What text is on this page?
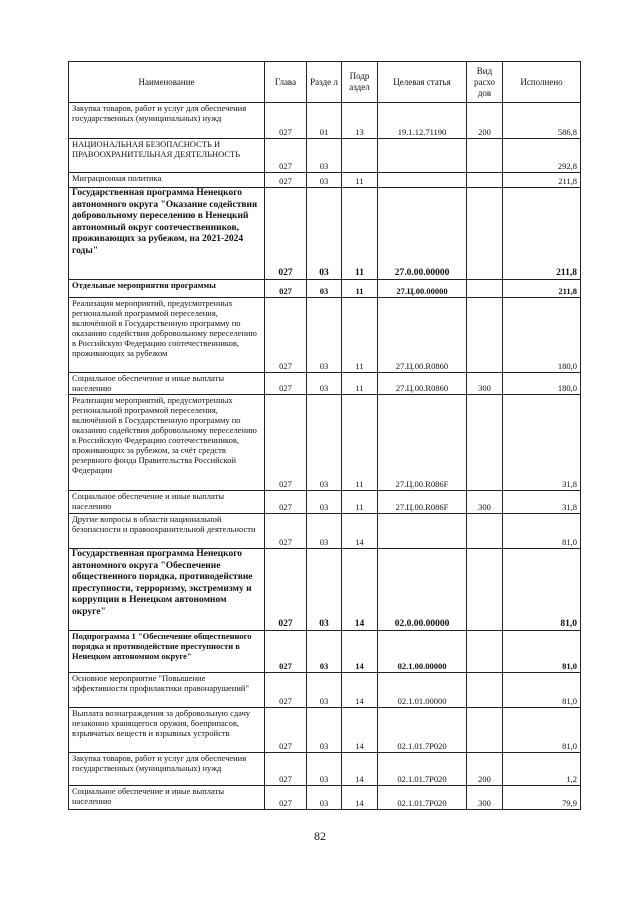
Наименование	Глава	Разде л	Подр аздел	Целевая статья	Вид расхо дов	Исполнено
Закупка товаров, работ и услуг для обеспечения государственных (муниципальных) нужд	027	01	13	19.1.12.71190	200	586,8
НАЦИОНАЛЬНАЯ БЕЗОПАСНОСТЬ И ПРАВООХРАНИТЕЛЬНАЯ ДЕЯТЕЛЬНОСТЬ	027	03				292,8
Миграционная политика	027	03	11			211,8
Государственная программа Ненецкого автономного округа "Оказание содействия добровольному переселению в Ненецкий автономный округ соотечественников, проживающих за рубежом, на 2021-2024 годы"	027	03	11	27.0.00.00000		211,8
Отдельные мероприятия программы	027	03	11	27.Ц.00.00000		211,8
Реализация мероприятий, предусмотренных региональной программой переселения, включённой в Государственную программу по оказанию содействия добровольному переселению в Российскую Федерацию соотечественников, проживающих за рубежом	027	03	11	27.Ц.00.R0860		180,0
Социальное обеспечение и иные выплаты населению	027	03	11	27.Ц.00.R0860	300	180,0
Реализация мероприятий, предусмотренных региональной программой переселения, включённой в Государственную программу по оказанию содействия добровольному переселению в Российскую Федерацию соотечественников, проживающих за рубежом, за счёт средств резервного фонда Правительства Российской Федерации	027	03	11	27.Ц.00.R086F		31,8
Социальное обеспечение и иные выплаты населению	027	03	11	27.Ц.00.R086F	300	31,8
Другие вопросы в области национальной безопасности и правоохранительной деятельности	027	03	14			81,0
Государственная программа Ненецкого автономного округа "Обеспечение общественного порядка, противодействие преступности, терроризму, экстремизму и коррупции в Ненецком автономном округе"	027	03	14	02.0.00.00000		81,0
Подпрограмма 1 "Обеспечение общественного порядка и противодействие преступности в Ненецком автономном округе"	027	03	14	02.1.00.00000		81,0
Основное мероприятие "Повышение эффективности профилактики правонарушений"	027	03	14	02.1.01.00000		81,0
Выплата вознаграждения за добровольную сдачу незаконно хранящегося оружия, боеприпасов, взрывчатых веществ и взрывных устройств	027	03	14	02.1.01.7Р020		81,0
Закупка товаров, работ и услуг для обеспечения государственных (муниципальных) нужд	027	03	14	02.1.01.7Р020	200	1,2
Социальное обеспечение и иные выплаты населению	027	03	14	02.1.01.7Р020	300	79,9
82
